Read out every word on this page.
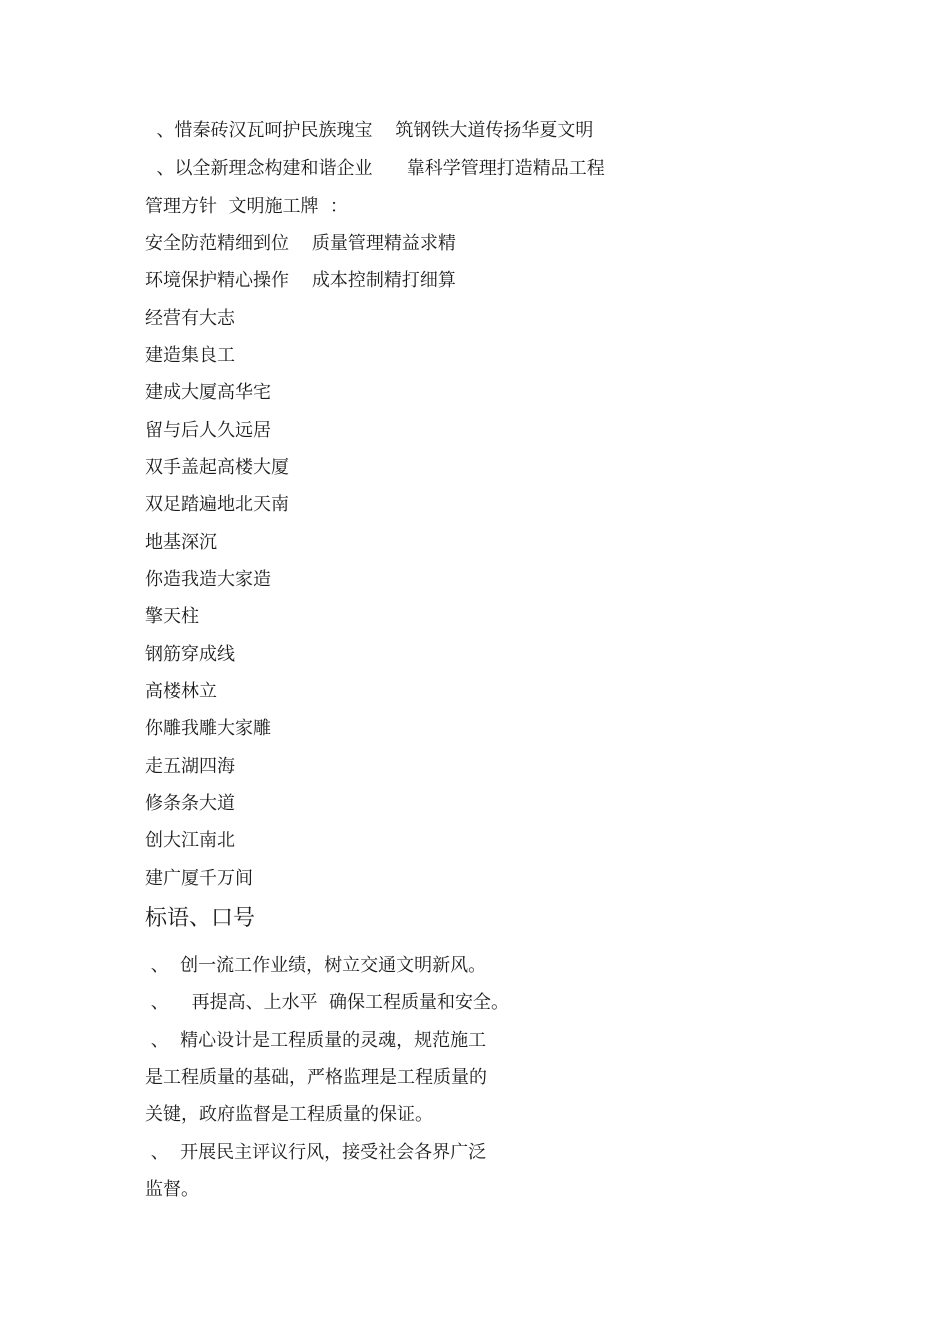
、惜秦砖汉瓦呵护民族瑰宝    筑钢铁大道传扬华夏文明

、以全新理念构建和谐企业      靠科学管理打造精品工程

管理方针  文明施工牌  ：

安全防范精细到位    质量管理精益求精

环境保护精心操作    成本控制精打细算

经营有大志

建造集良工

建成大厦高华宅

留与后人久远居

双手盖起高楼大厦

双足踏遍地北天南

地基深沉

你造我造大家造

擎天柱

钢筋穿成线

高楼林立

你雕我雕大家雕

走五湖四海

修条条大道

创大江南北

建广厦千万间

标语、口号

、  创一流工作业绩，树立交通文明新风。

、    再提高、上水平  确保工程质量和安全。

、  精心设计是工程质量的灵魂，规范施工

是工程质量的基础，严格监理是工程质量的

关键，政府监督是工程质量的保证。

、  开展民主评议行风，接受社会各界广泛

监督。
